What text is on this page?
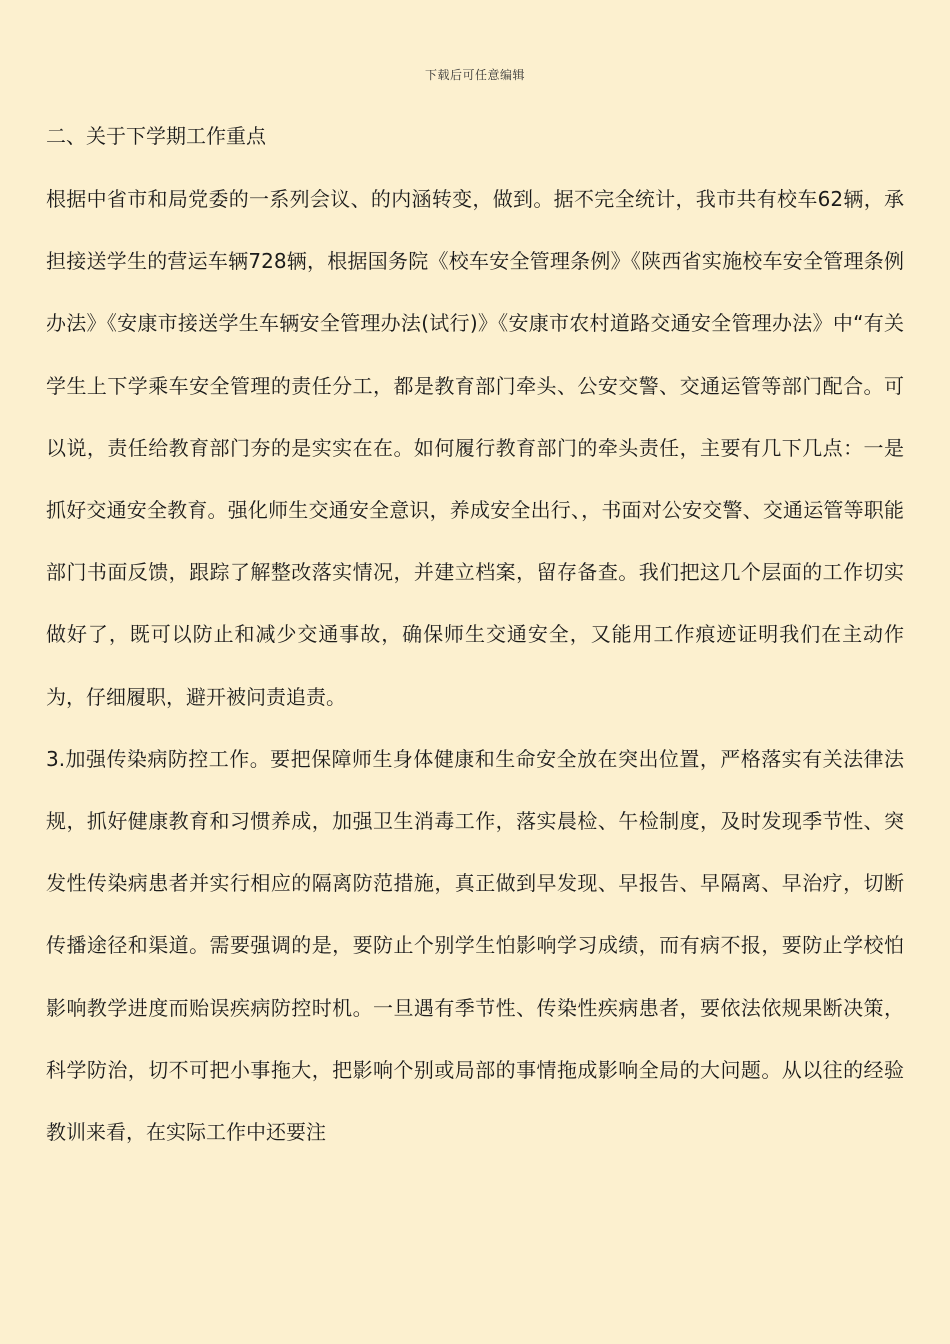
下载后可任意编辑
二、关于下学期工作重点

根据中省市和局党委的一系列会议、的内涵转变，做到。据不完全统计，我市共有校车62辆，承担接送学生的营运车辆728辆，根据国务院《校车安全管理条例》《陕西省实施校车安全管理条例办法》《安康市接送学生车辆安全管理办法(试行)》《安康市农村道路交通安全管理办法》中“有关学生上下学乘车安全管理的责任分工，都是教育部门牵头、公安交警、交通运管等部门配合。可以说，责任给教育部门夯的是实实在在。如何履行教育部门的牵头责任，主要有几下几点：一是抓好交通安全教育。强化师生交通安全意识，养成安全出行、，书面对公安交警、交通运管等职能部门书面反馈，跟踪了解整改落实情况，并建立档案，留存备查。我们把这几个层面的工作切实做好了，既可以防止和减少交通事故，确保师生交通安全，又能用工作痕迹证明我们在主动作为，仔细履职，避开被问责追责。

3.加强传染病防控工作。要把保障师生身体健康和生命安全放在突出位置，严格落实有关法律法规，抓好健康教育和习惯养成，加强卫生消毒工作，落实晨检、午检制度，及时发现季节性、突发性传染病患者并实行相应的隔离防范措施，真正做到早发现、早报告、早隔离、早治疗，切断传播途径和渠道。需要强调的是，要防止个别学生怕影响学习成绩，而有病不报，要防止学校怕影响教学进度而贻误疾病防控时机。一旦遇有季节性、传染性疾病患者，要依法依规果断决策，科学防治，切不可把小事拖大，把影响个别或局部的事情拖成影响全局的大问题。从以往的经验教训来看，在实际工作中还要注
